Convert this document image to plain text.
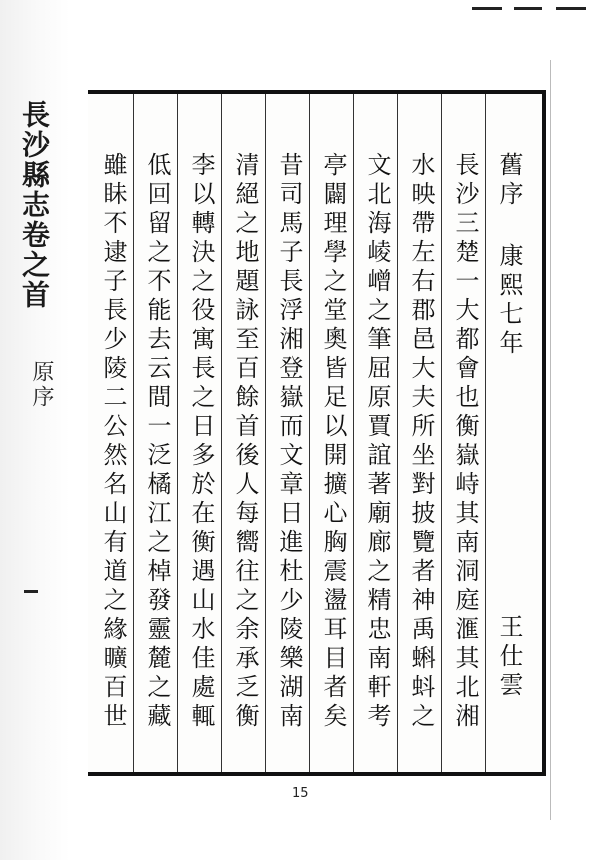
長沙縣志卷之首
原序
舊序 康熙七年
王仕雲
長沙三楚一大都會也衡嶽峙其南洞庭滙其北湘
水映帶左右郡邑大夫所坐對披覽者神禹蝌蚪之
文北海崚嶒之筆屈原賈誼著廟廊之精忠南軒考
亭闢理學之堂奧皆足以開擴心胸震盪耳目者矣
昔司馬子長浮湘登嶽而文章日進杜少陵樂湖南
清絕之地題詠至百餘首後人每嚮往之余承乏衡
李以轉決之役寓長之日多於在衡遇山水佳處輒
低回留之不能去云間一泛橘江之棹發靈麓之藏
雖眛不逮子長少陵二公然名山有道之緣曠百世
15
